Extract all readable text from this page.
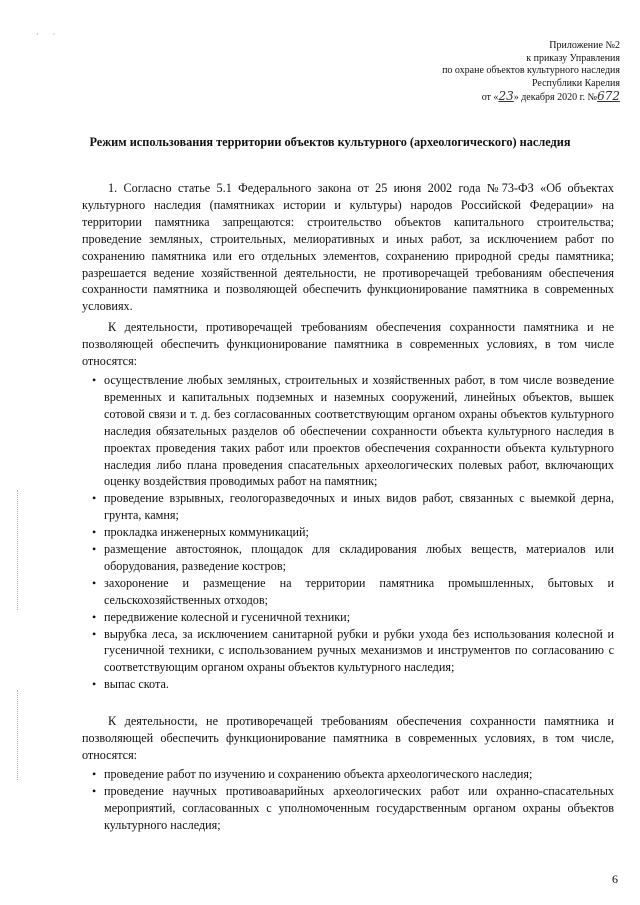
· ·
Приложение №2
к приказу Управления
по охране объектов культурного наследия
Республики Карелия
от «23» декабря 2020 г. №672
Режим использования территории объектов культурного (археологического) наследия

1. Согласно статье 5.1 Федерального закона от 25 июня 2002 года №73-ФЗ «Об объектах культурного наследия (памятниках истории и культуры) народов Российской Федерации» на территории памятника запрещаются: строительство объектов капитального строительства; проведение земляных, строительных, мелиоративных и иных работ, за исключением работ по сохранению памятника или его отдельных элементов, сохранению природной среды памятника; разрешается ведение хозяйственной деятельности, не противоречащей требованиям обеспечения сохранности памятника и позволяющей обеспечить функционирование памятника в современных условиях.

К деятельности, противоречащей требованиям обеспечения сохранности памятника и не позволяющей обеспечить функционирование памятника в современных условиях, в том числе относятся:

• осуществление любых земляных, строительных и хозяйственных работ, в том числе возведение временных и капитальных подземных и наземных сооружений, линейных объектов, вышек сотовой связи и т. д. без согласованных соответствующим органом охраны объектов культурного наследия обязательных разделов об обеспечении сохранности объекта культурного наследия в проектах проведения таких работ или проектов обеспечения сохранности объекта культурного наследия либо плана проведения спасательных археологических полевых работ, включающих оценку воздействия проводимых работ на памятник;
• проведение взрывных, геологоразведочных и иных видов работ, связанных с выемкой дерна, грунта, камня;
• прокладка инженерных коммуникаций;
• размещение автостоянок, площадок для складирования любых веществ, материалов или оборудования, разведение костров;
• захоронение и размещение на территории памятника промышленных, бытовых и сельскохозяйственных отходов;
• передвижение колесной и гусеничной техники;
• вырубка леса, за исключением санитарной рубки и рубки ухода без использования колесной и гусеничной техники, с использованием ручных механизмов и инструментов по согласованию с соответствующим органом охраны объектов культурного наследия;
• выпас скота.

К деятельности, не противоречащей требованиям обеспечения сохранности памятника и позволяющей обеспечить функционирование памятника в современных условиях, в том числе, относятся:

• проведение работ по изучению и сохранению объекта археологического наследия;
• проведение научных противоаварийных археологических работ или охранно-спасательных мероприятий, согласованных с уполномоченным государственным органом охраны объектов культурного наследия;
6
